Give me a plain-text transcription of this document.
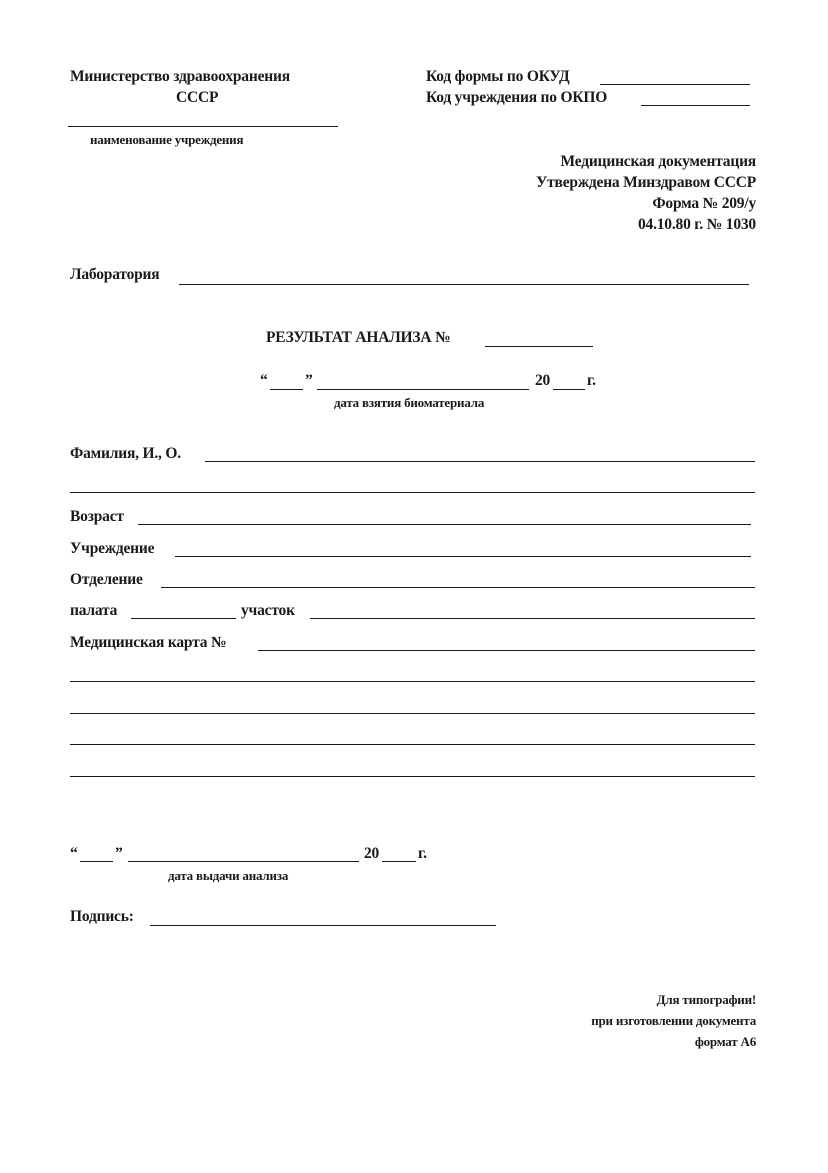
Министерство здравоохранения
СССР
наименование учреждения
Код формы по ОКУД
Код учреждения по ОКПО
Медицинская документация
Утверждена Минздравом СССР
Форма № 209/у
04.10.80 г. № 1030
Лаборатория
РЕЗУЛЬТАТ АНАЛИЗА №
“ ”	20 г.
дата взятия биоматериала
Фамилия, И., О.
Возраст
Учреждение
Отделение
палата	участок
Медицинская карта №
“ ”	20	г.
дата выдачи анализа
Подпись:
Для типографии!
при изготовлении документа
формат А6
